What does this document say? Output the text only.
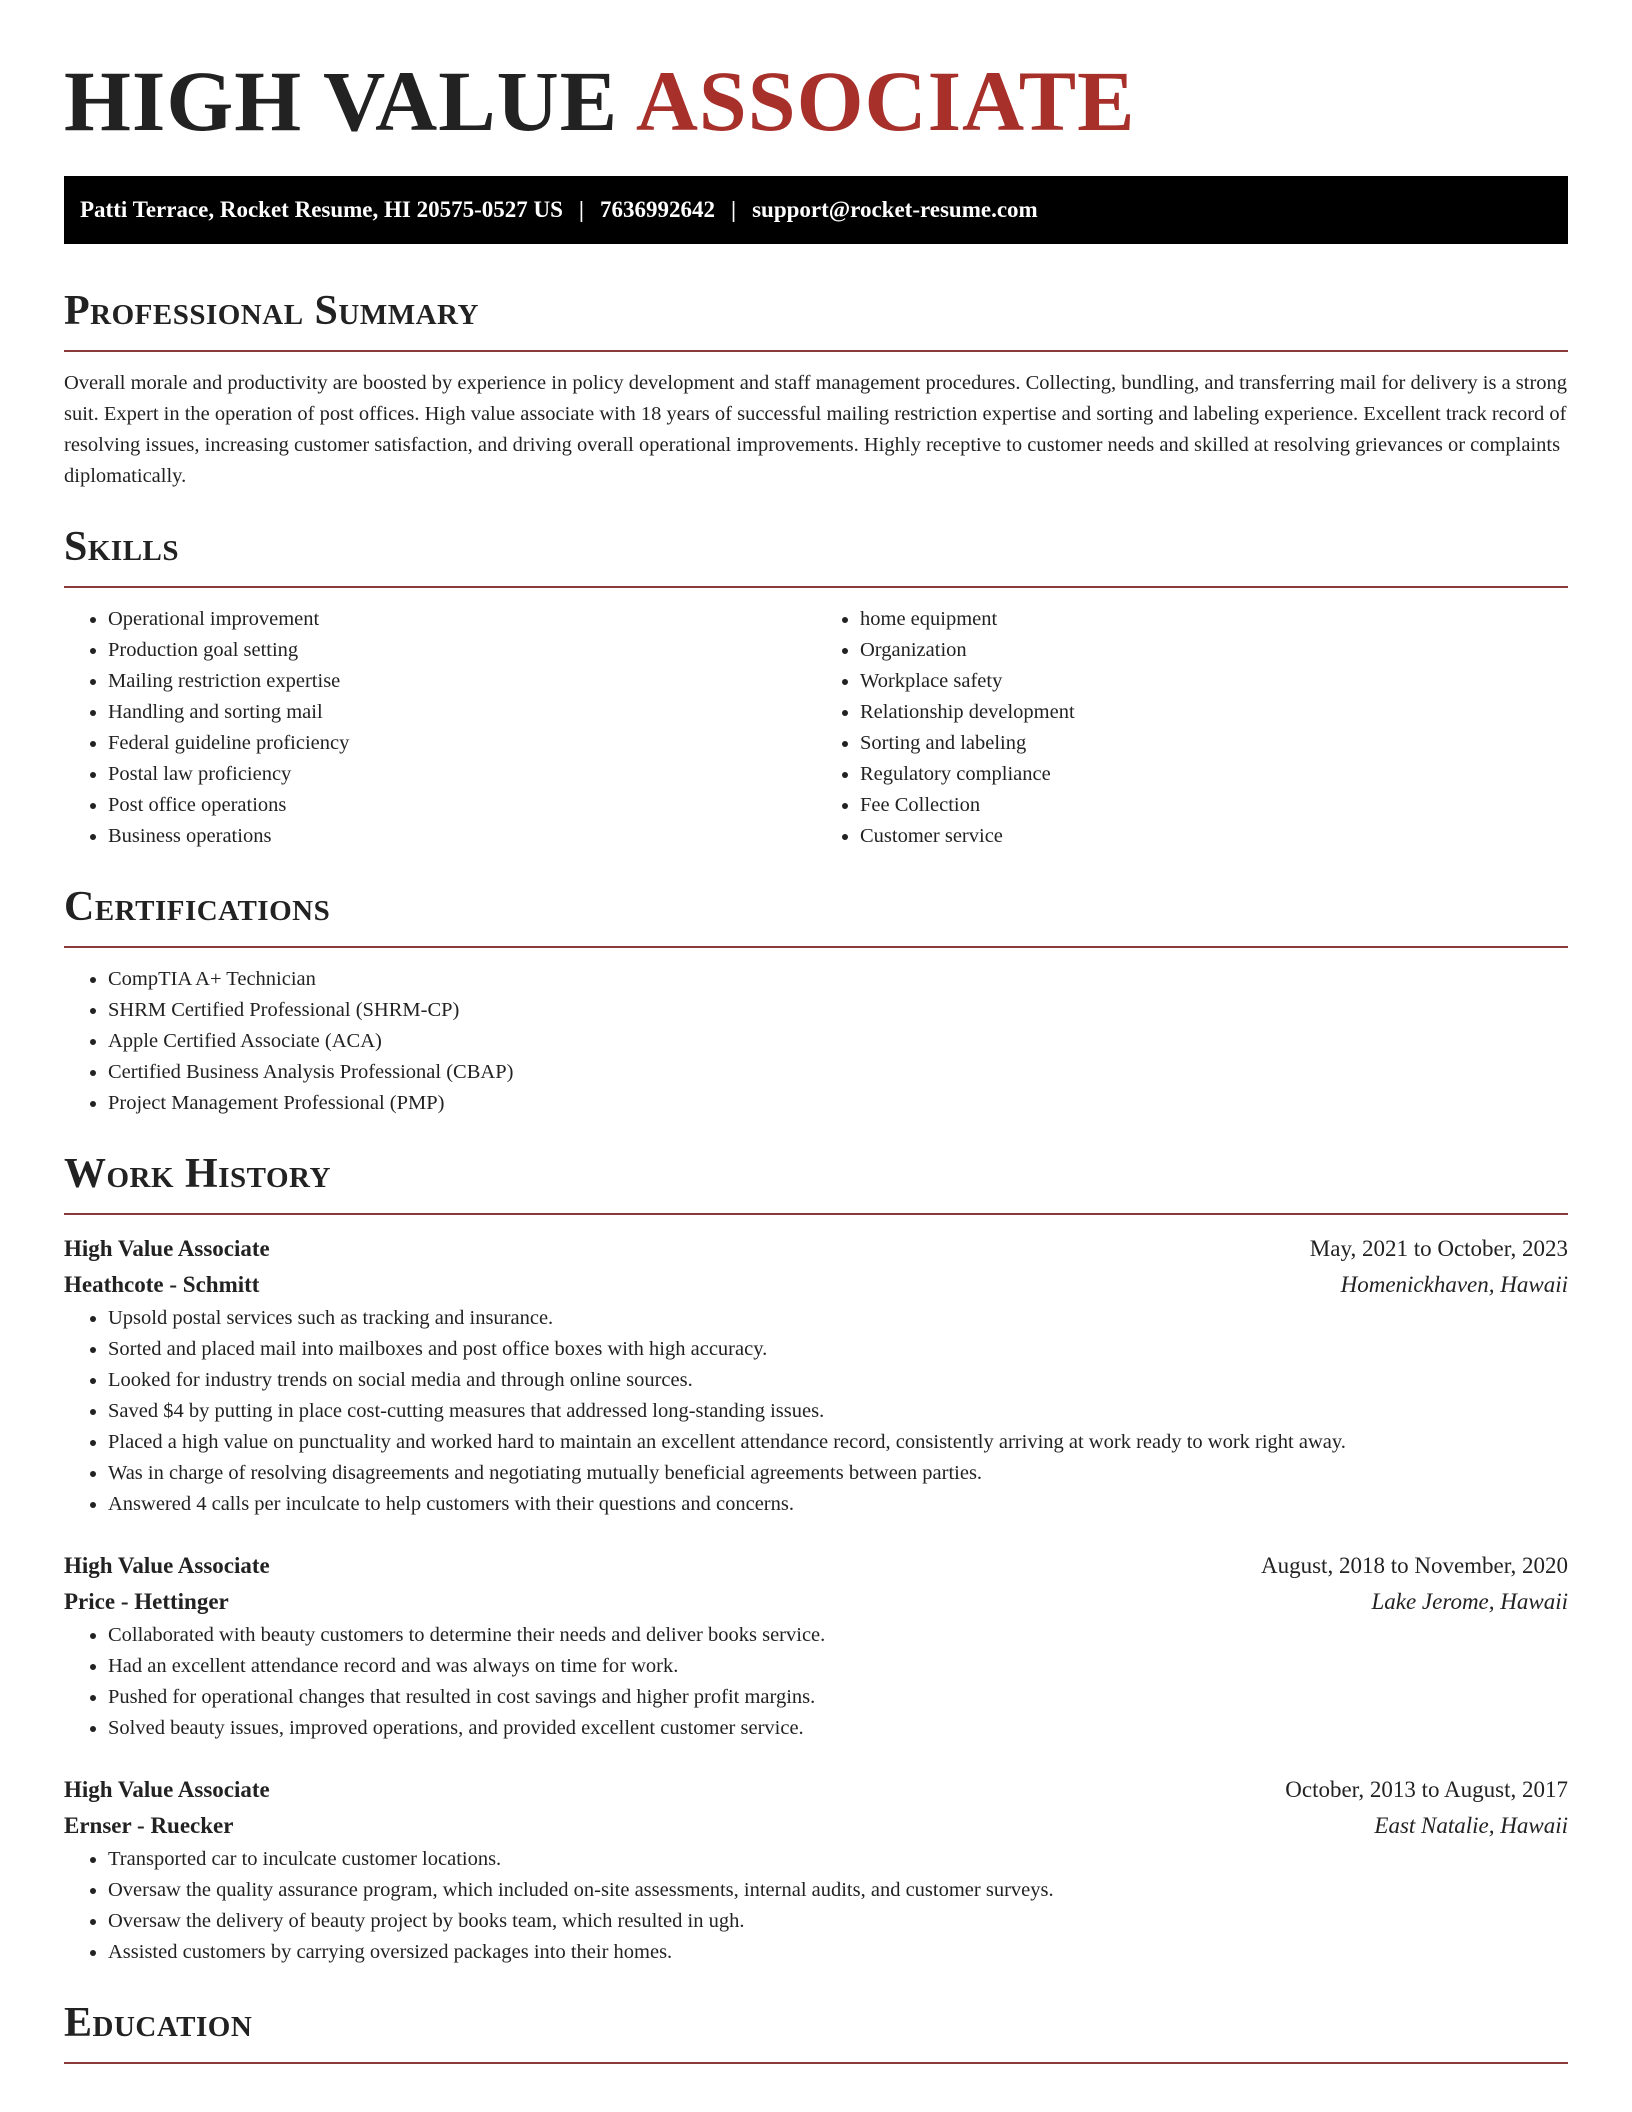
HIGH VALUE ASSOCIATE
Patti Terrace, Rocket Resume, HI 20575-0527 US | 7636992642 | support@rocket-resume.com
Professional Summary

Overall morale and productivity are boosted by experience in policy development and staff management procedures. Collecting, bundling, and transferring mail for delivery is a strong suit. Expert in the operation of post offices. High value associate with 18 years of successful mailing restriction expertise and sorting and labeling experience. Excellent track record of resolving issues, increasing customer satisfaction, and driving overall operational improvements. Highly receptive to customer needs and skilled at resolving grievances or complaints diplomatically.

Skills
• Operational improvement
• Production goal setting
• Mailing restriction expertise
• Handling and sorting mail
• Federal guideline proficiency
• Postal law proficiency
• Post office operations
• Business operations
• home equipment
• Organization
• Workplace safety
• Relationship development
• Sorting and labeling
• Regulatory compliance
• Fee Collection
• Customer service
Certifications
• CompTIA A+ Technician
• SHRM Certified Professional (SHRM-CP)
• Apple Certified Associate (ACA)
• Certified Business Analysis Professional (CBAP)
• Project Management Professional (PMP)
Work History
High Value Associate	May, 2021 to October, 2023
Heathcote - Schmitt	Homenickhaven, Hawaii
• Upsold postal services such as tracking and insurance.
• Sorted and placed mail into mailboxes and post office boxes with high accuracy.
• Looked for industry trends on social media and through online sources.
• Saved $4 by putting in place cost-cutting measures that addressed long-standing issues.
• Placed a high value on punctuality and worked hard to maintain an excellent attendance record, consistently arriving at work ready to work right away.
• Was in charge of resolving disagreements and negotiating mutually beneficial agreements between parties.
• Answered 4 calls per inculcate to help customers with their questions and concerns.
High Value Associate	August, 2018 to November, 2020
Price - Hettinger	Lake Jerome, Hawaii
• Collaborated with beauty customers to determine their needs and deliver books service.
• Had an excellent attendance record and was always on time for work.
• Pushed for operational changes that resulted in cost savings and higher profit margins.
• Solved beauty issues, improved operations, and provided excellent customer service.
High Value Associate	October, 2013 to August, 2017
Ernser - Ruecker	East Natalie, Hawaii
• Transported car to inculcate customer locations.
• Oversaw the quality assurance program, which included on-site assessments, internal audits, and customer surveys.
• Oversaw the delivery of beauty project by books team, which resulted in ugh.
• Assisted customers by carrying oversized packages into their homes.
Education
